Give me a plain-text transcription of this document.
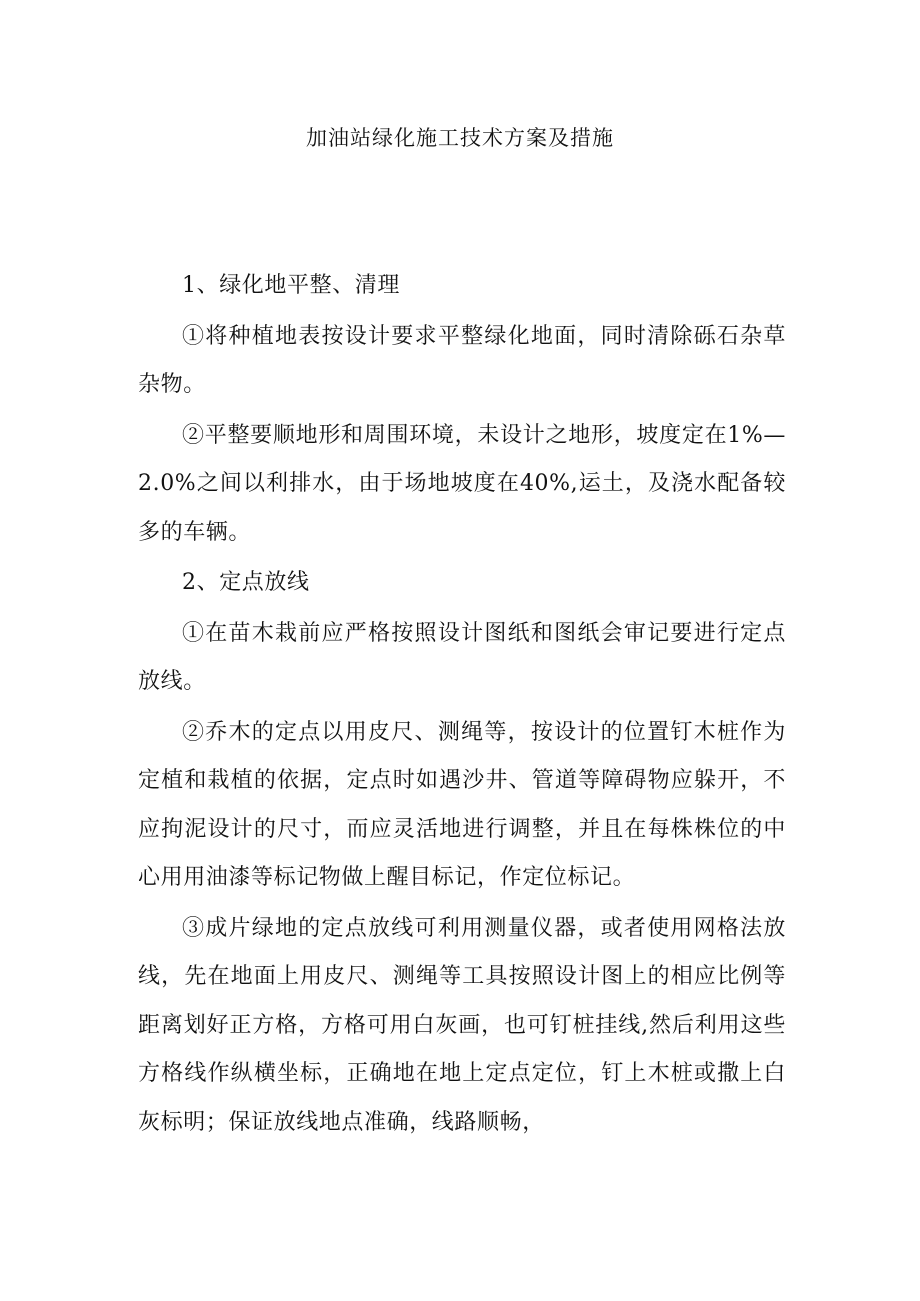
加油站绿化施工技术方案及措施

1、绿化地平整、清理

①将种植地表按设计要求平整绿化地面，同时清除砾石杂草杂物。

②平整要顺地形和周围环境，未设计之地形，坡度定在1%—2.0%之间以利排水，由于场地坡度在40%,运土，及浇水配备较多的车辆。

2、定点放线

①在苗木栽前应严格按照设计图纸和图纸会审记要进行定点放线。

②乔木的定点以用皮尺、测绳等，按设计的位置钉木桩作为定植和栽植的依据，定点时如遇沙井、管道等障碍物应躲开，不应拘泥设计的尺寸，而应灵活地进行调整，并且在每株株位的中心用用油漆等标记物做上醒目标记，作定位标记。

③成片绿地的定点放线可利用测量仪器，或者使用网格法放线，先在地面上用皮尺、测绳等工具按照设计图上的相应比例等距离划好正方格，方格可用白灰画，也可钉桩挂线,然后利用这些方格线作纵横坐标，正确地在地上定点定位，钉上木桩或撒上白灰标明；保证放线地点准确，线路顺畅，
